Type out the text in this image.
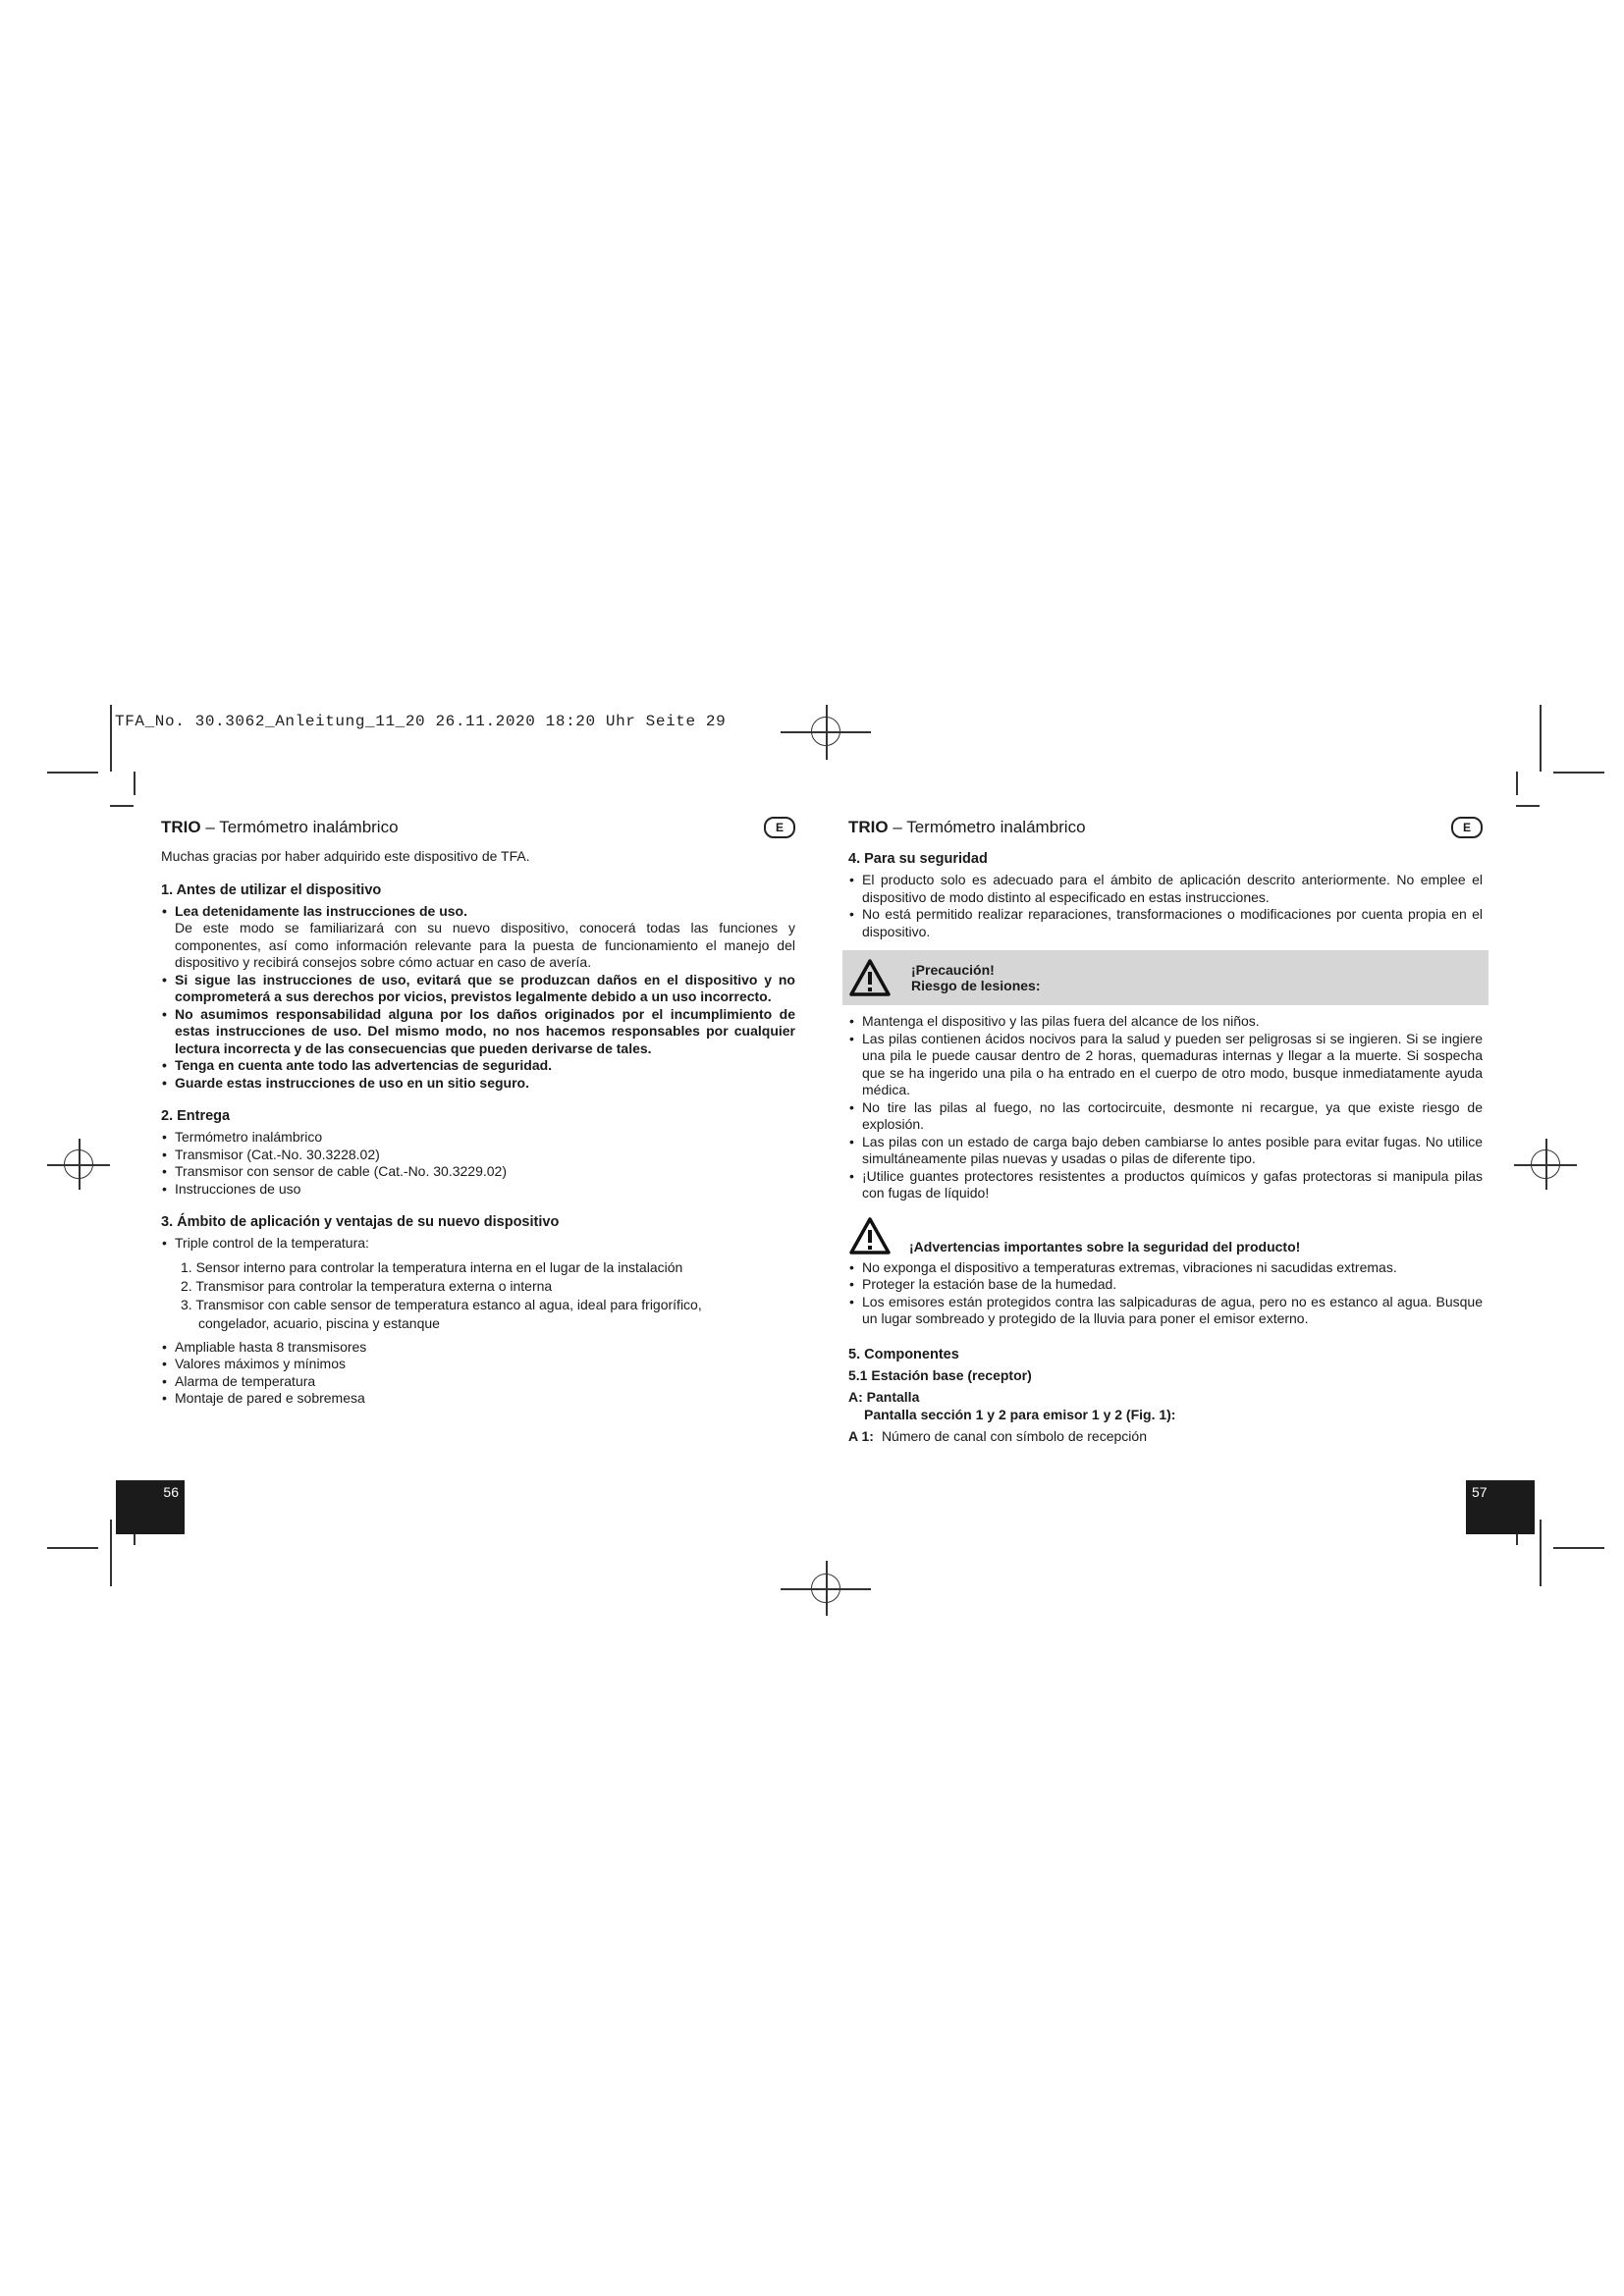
TFA_No. 30.3062_Anleitung_11_20 26.11.2020 18:20 Uhr Seite 29
TRIO – Termómetro inalámbrico	E

Muchas gracias por haber adquirido este dispositivo de TFA.

1. Antes de utilizar el dispositivo
• Lea detenidamente las instrucciones de uso.
De este modo se familiarizará con su nuevo dispositivo, conocerá todas las funciones y componentes, así como información relevante para la puesta de funcionamiento el manejo del dispositivo y recibirá consejos sobre cómo actuar en caso de avería.
• Si sigue las instrucciones de uso, evitará que se produzcan daños en el dispositivo y no comprometerá a sus derechos por vicios, previstos legalmente debido a un uso incorrecto.
• No asumimos responsabilidad alguna por los daños originados por el incumplimiento de estas instrucciones de uso. Del mismo modo, no nos hacemos responsables por cualquier lectura incorrecta y de las consecuencias que pueden derivarse de tales.
• Tenga en cuenta ante todo las advertencias de seguridad.
• Guarde estas instrucciones de uso en un sitio seguro.
2. Entrega
• Termómetro inalámbrico
• Transmisor (Cat.-No. 30.3228.02)
• Transmisor con sensor de cable (Cat.-No. 30.3229.02)
• Instrucciones de uso
3. Ámbito de aplicación y ventajas de su nuevo dispositivo
• Triple control de la temperatura:
1. Sensor interno para controlar la temperatura interna en el lugar de la instalación
2. Transmisor para controlar la temperatura externa o interna
3. Transmisor con cable sensor de temperatura estanco al agua, ideal para frigorífico,
congelador, acuario, piscina y estanque
• Ampliable hasta 8 transmisores
• Valores máximos y mínimos
• Alarma de temperatura
• Montaje de pared e sobremesa
56
TRIO – Termómetro inalámbrico	E
4. Para su seguridad
• El producto solo es adecuado para el ámbito de aplicación descrito anteriormente. No emplee el dispositivo de modo distinto al especificado en estas instrucciones.
• No está permitido realizar reparaciones, transformaciones o modificaciones por cuenta propia en el dispositivo.
¡Precaución!
Riesgo de lesiones:
• Mantenga el dispositivo y las pilas fuera del alcance de los niños.
• Las pilas contienen ácidos nocivos para la salud y pueden ser peligrosas si se ingieren. Si se ingiere una pila le puede causar dentro de 2 horas, quemaduras internas y llegar a la muerte. Si sospecha que se ha ingerido una pila o ha entrado en el cuerpo de otro modo, busque inmediatamente ayuda médica.
• No tire las pilas al fuego, no las cortocircuite, desmonte ni recargue, ya que existe riesgo de explosión.
• Las pilas con un estado de carga bajo deben cambiarse lo antes posible para evitar fugas. No utilice simultáneamente pilas nuevas y usadas o pilas de diferente tipo.
• ¡Utilice guantes protectores resistentes a productos químicos y gafas protectoras si manipula pilas con fugas de líquido!
¡Advertencias importantes sobre la seguridad del producto!
• No exponga el dispositivo a temperaturas extremas, vibraciones ni sacudidas extremas.
• Proteger la estación base de la humedad.
• Los emisores están protegidos contra las salpicaduras de agua, pero no es estanco al agua. Busque un lugar sombreado y protegido de la lluvia para poner el emisor externo.
5. Componentes
5.1 Estación base (receptor)
A: Pantalla
Pantalla sección 1 y 2 para emisor 1 y 2 (Fig. 1):
A 1: Número de canal con símbolo de recepción
57
